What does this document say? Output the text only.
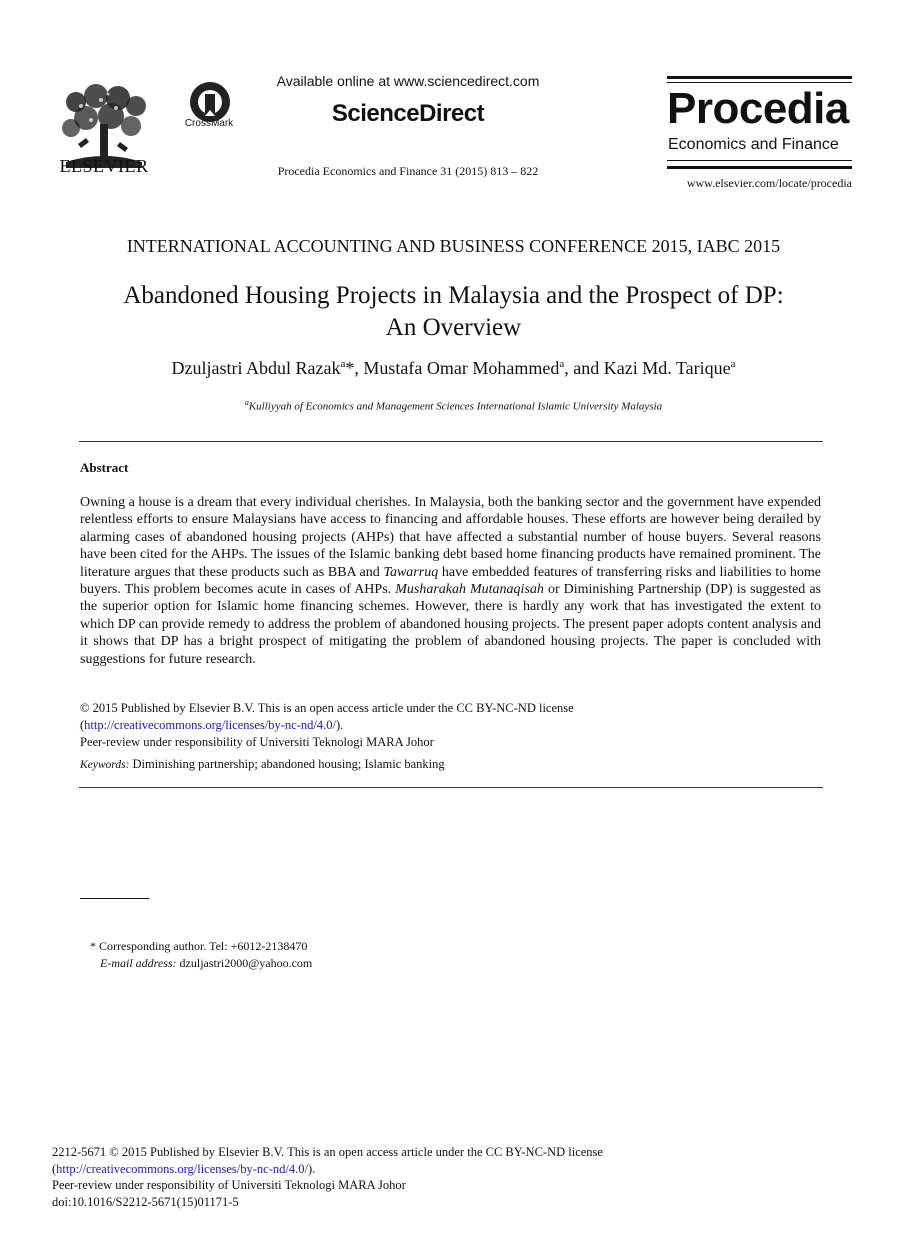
ELSEVIER
CrossMark
Available online at www.sciencedirect.com
ScienceDirect
Procedia Economics and Finance 31 (2015) 813 – 822
Procedia
Economics and Finance
www.elsevier.com/locate/procedia
INTERNATIONAL ACCOUNTING AND BUSINESS CONFERENCE 2015, IABC 2015
Abandoned Housing Projects in Malaysia and the Prospect of DP:
An Overview
Dzuljastri Abdul Razak$^a$*, Mustafa Omar Mohammed$^a$, and Kazi Md. Tarique$^a$
$^a$Kulliyyah of Economics and Management Sciences International Islamic University Malaysia
Abstract

Owning a house is a dream that every individual cherishes. In Malaysia, both the banking sector and the government have expended relentless efforts to ensure Malaysians have access to financing and affordable houses. These efforts are however being derailed by alarming cases of abandoned housing projects (AHPs) that have affected a substantial number of house buyers. Several reasons have been cited for the AHPs. The issues of the Islamic banking debt based home financing products have remained prominent. The literature argues that these products such as BBA and Tawarruq have embedded features of transferring risks and liabilities to home buyers. This problem becomes acute in cases of AHPs. Musharakah Mutanaqisah or Diminishing Partnership (DP) is suggested as the superior option for Islamic home financing schemes. However, there is hardly any work that has investigated the extent to which DP can provide remedy to address the problem of abandoned housing projects. The present paper adopts content analysis and it shows that DP has a bright prospect of mitigating the problem of abandoned housing projects. The paper is concluded with suggestions for future research.

© 2015 Published by Elsevier B.V. This is an open access article under the CC BY-NC-ND license
(http://creativecommons.org/licenses/by-nc-nd/4.0/).
Peer-review under responsibility of Universiti Teknologi MARA Johor
Keywords: Diminishing partnership; abandoned housing; Islamic banking
* Corresponding author. Tel: +6012-2138470
E-mail address: dzuljastri2000@yahoo.com
2212-5671 © 2015 Published by Elsevier B.V. This is an open access article under the CC BY-NC-ND license
(http://creativecommons.org/licenses/by-nc-nd/4.0/).
Peer-review under responsibility of Universiti Teknologi MARA Johor
doi:10.1016/S2212-5671(15)01171-5
